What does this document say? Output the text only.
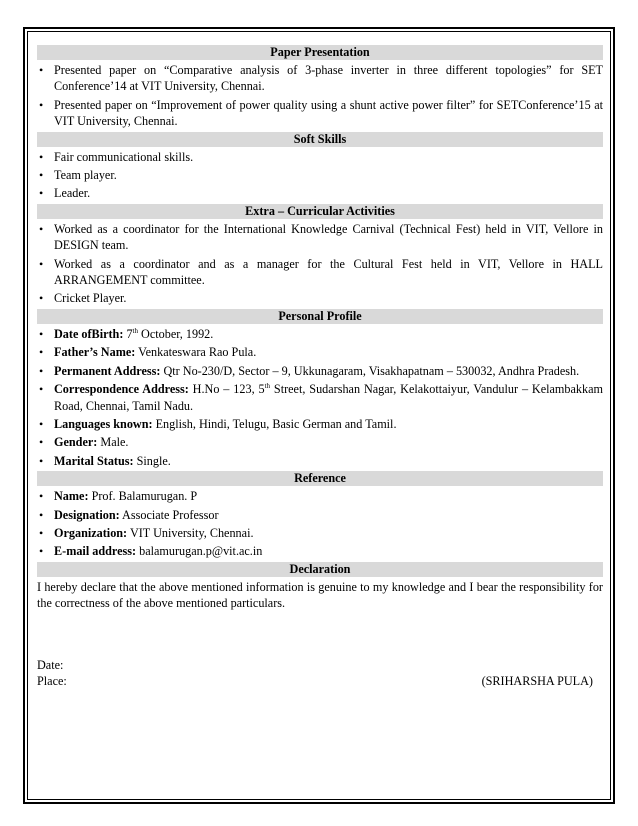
Paper Presentation
• Presented paper on “Comparative analysis of 3-phase inverter in three different topologies” for SET Conference’14 at VIT University, Chennai.
• Presented paper on “Improvement of power quality using a shunt active power filter” for SETConference’15 at VIT University, Chennai.
Soft Skills
• Fair communicational skills.
• Team player.
• Leader.
Extra – Curricular Activities
• Worked as a coordinator for the International Knowledge Carnival (Technical Fest) held in VIT, Vellore in DESIGN team.
• Worked as a coordinator and as a manager for the Cultural Fest held in VIT, Vellore in HALL ARRANGEMENT committee.
• Cricket Player.
Personal Profile
• Date ofBirth: 7th October, 1992.
• Father’s Name: Venkateswara Rao Pula.
• Permanent Address: Qtr No-230/D, Sector – 9, Ukkunagaram, Visakhapatnam – 530032, Andhra Pradesh.
• Correspondence Address: H.No – 123, 5th Street, Sudarshan Nagar, Kelakottaiyur, Vandulur – Kelambakkam Road, Chennai, Tamil Nadu.
• Languages known: English, Hindi, Telugu, Basic German and Tamil.
• Gender: Male.
• Marital Status: Single.
Reference
• Name: Prof. Balamurugan. P
• Designation: Associate Professor
• Organization: VIT University, Chennai.
• E-mail address: balamurugan.p@vit.ac.in
Declaration

I hereby declare that the above mentioned information is genuine to my knowledge and I bear the responsibility for the correctness of the above mentioned particulars.

Date:
Place:	(SRIHARSHA PULA)
